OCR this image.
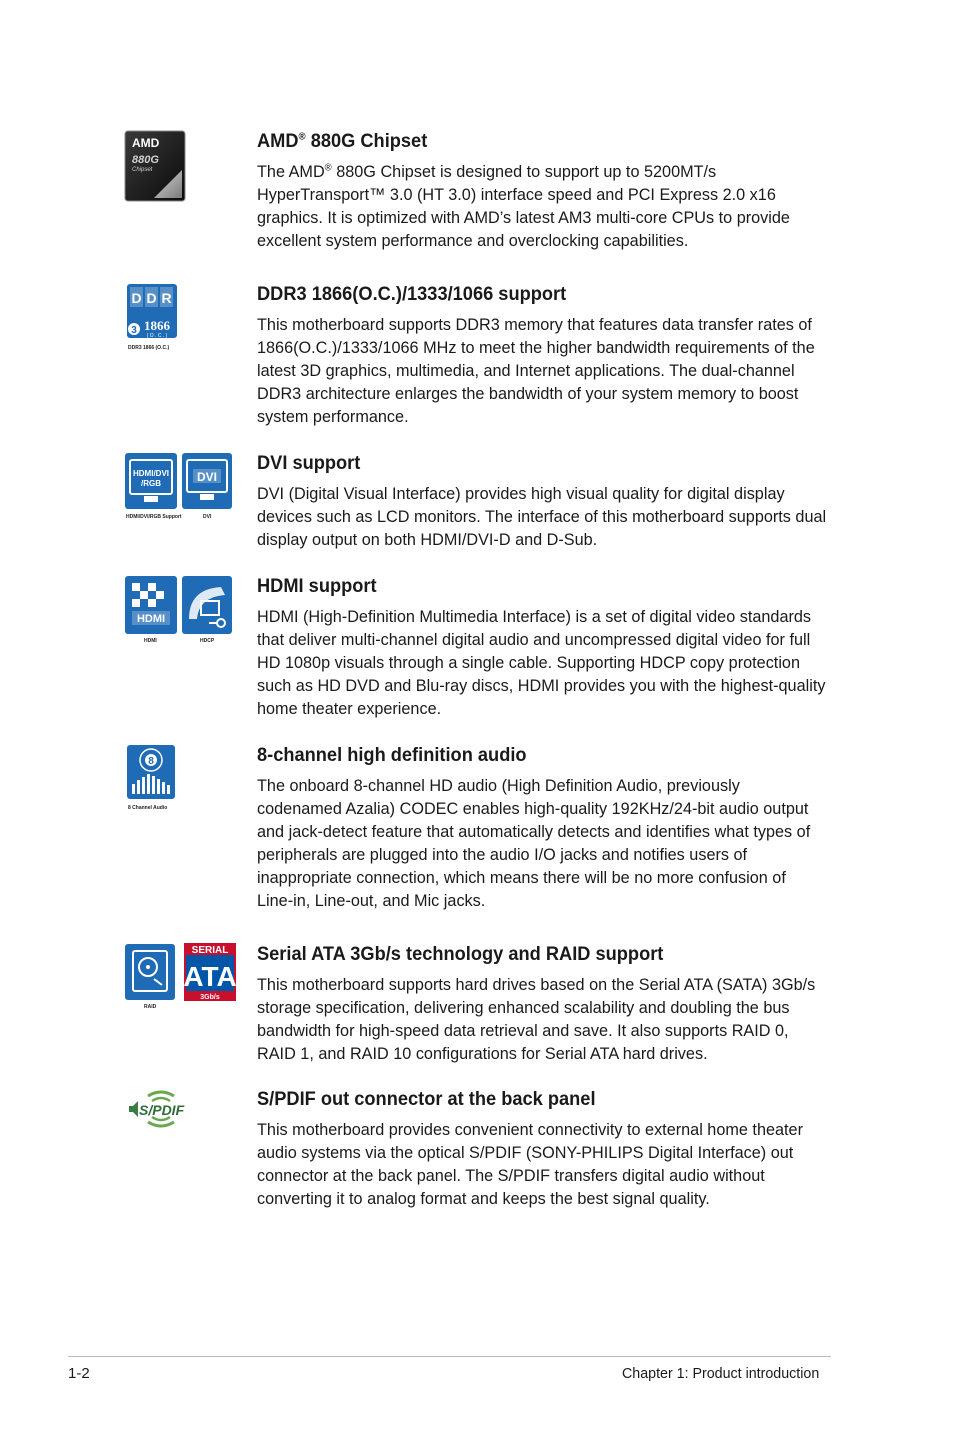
AMD
880G
Chipset
AMD® 880G Chipset

The AMD® 880G Chipset is designed to support up to 5200MT/s HyperTransport™ 3.0 (HT 3.0) interface speed and PCI Express 2.0 x16 graphics. It is optimized with AMD’s latest AM3 multi-core CPUs to provide excellent system performance and overclocking capabilities.

D D R
3 1866
( O . C . )
DDR3 1866 (O.C.)
DDR3 1866(O.C.)/1333/1066 support

This motherboard supports DDR3 memory that features data transfer rates of 1866(O.C.)/1333/1066 MHz to meet the higher bandwidth requirements of the latest 3D graphics, multimedia, and Internet applications. The dual-channel DDR3 architecture enlarges the bandwidth of your system memory to boost system performance.

HDMI/DVI
/RGB	DVI
HDMI/DVI/RGB Support	DVI
DVI support

DVI (Digital Visual Interface) provides high visual quality for digital display devices such as LCD monitors. The interface of this motherboard supports dual display output on both HDMI/DVI-D and D-Sub.

HDMI
HDMI	HDCP
HDMI support

HDMI (High-Definition Multimedia Interface) is a set of digital video standards that deliver multi-channel digital audio and uncompressed digital video for full HD 1080p visuals through a single cable. Supporting HDCP copy protection such as HD DVD and Blu-ray discs, HDMI provides you with the highest-quality home theater experience.

8
8 Channel Audio
8-channel high definition audio

The onboard 8-channel HD audio (High Definition Audio, previously codenamed Azalia) CODEC enables high-quality 192KHz/24-bit audio output and jack-detect feature that automatically detects and identifies what types of peripherals are plugged into the audio I/O jacks and notifies users of inappropriate connection, which means there will be no more confusion of Line-in, Line-out, and Mic jacks.

SERIAL
ATA
3Gb/s
RAID
Serial ATA 3Gb/s technology and RAID support

This motherboard supports hard drives based on the Serial ATA (SATA) 3Gb/s storage specification, delivering enhanced scalability and doubling the bus bandwidth for high-speed data retrieval and save. It also supports RAID 0, RAID 1, and RAID 10 configurations for Serial ATA hard drives.

S/PDIF	S/PDIF out connector at the back panel

This motherboard provides convenient connectivity to external home theater audio systems via the optical S/PDIF (SONY-PHILIPS Digital Interface) out connector at the back panel. The S/PDIF transfers digital audio without converting it to analog format and keeps the best signal quality.

1-2	Chapter 1: Product introduction
